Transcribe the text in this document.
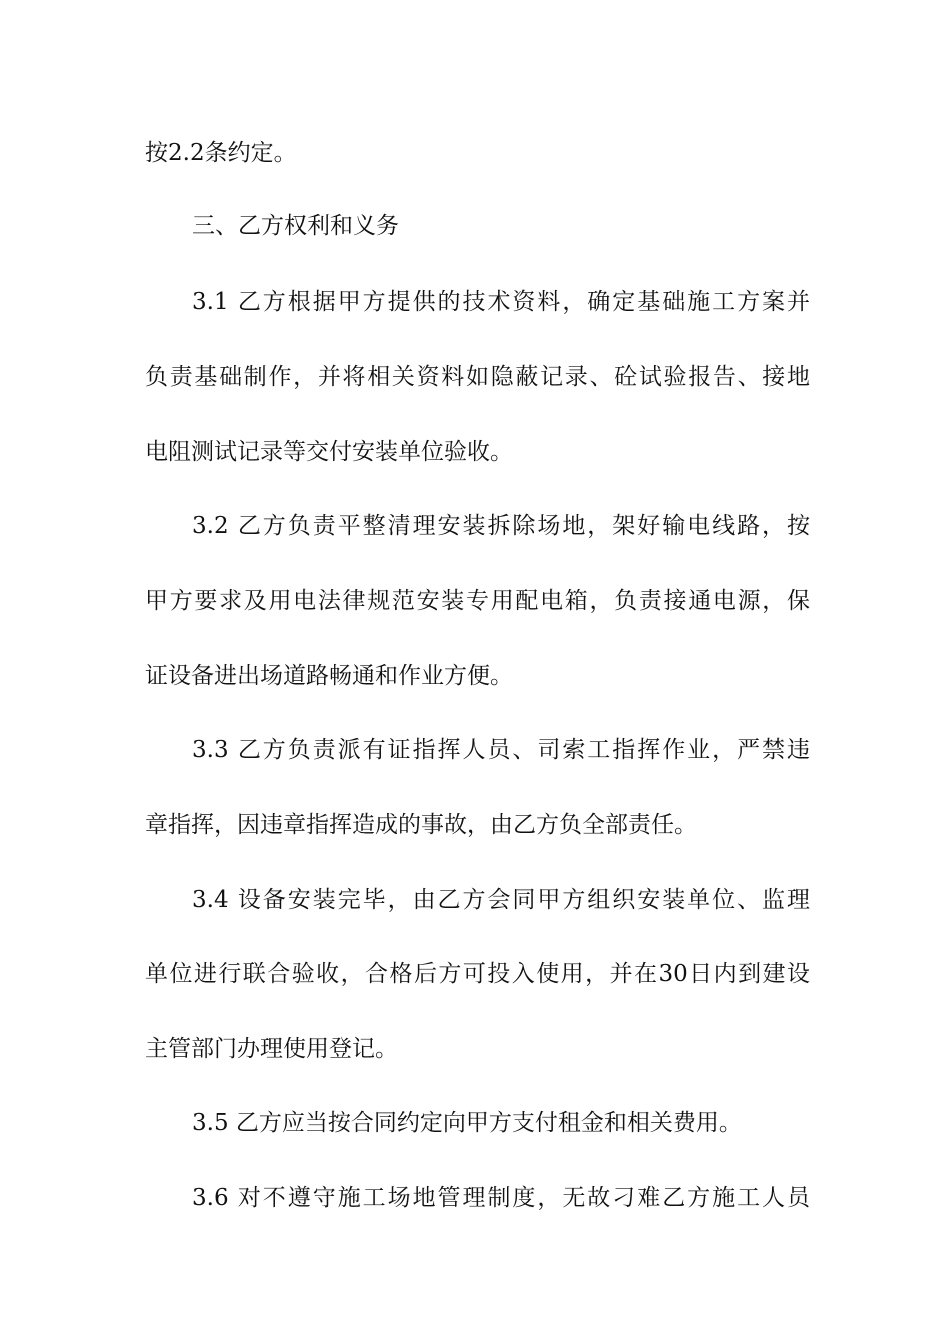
按2.2条约定。
三、乙方权利和义务
3.1 乙方根据甲方提供的技术资料，确定基础施工方案并
负责基础制作，并将相关资料如隐蔽记录、砼试验报告、接地
电阻测试记录等交付安装单位验收。
3.2 乙方负责平整清理安装拆除场地，架好输电线路，按
甲方要求及用电法律规范安装专用配电箱，负责接通电源，保
证设备进出场道路畅通和作业方便。
3.3 乙方负责派有证指挥人员、司索工指挥作业，严禁违
章指挥，因违章指挥造成的事故，由乙方负全部责任。
3.4 设备安装完毕，由乙方会同甲方组织安装单位、监理
单位进行联合验收，合格后方可投入使用，并在30日内到建设
主管部门办理使用登记。
3.5 乙方应当按合同约定向甲方支付租金和相关费用。
3.6 对不遵守施工场地管理制度，无故刁难乙方施工人员
